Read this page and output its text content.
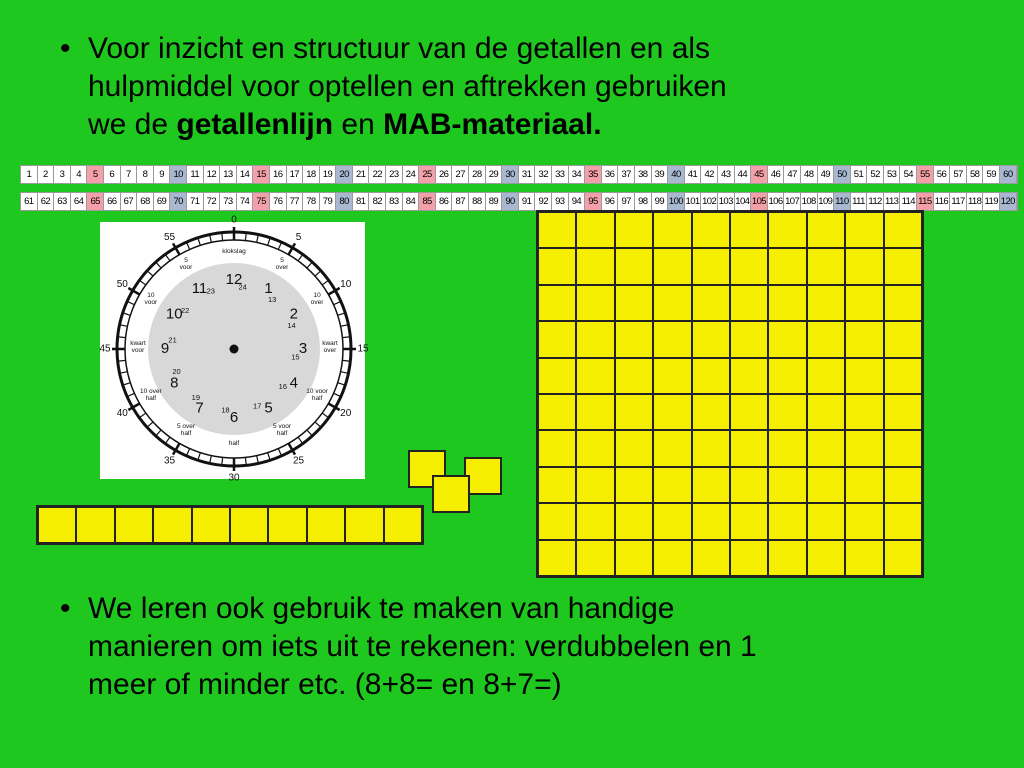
• Voor inzicht en structuur van de getallen en als
hulpmiddel voor optellen en aftrekken gebruiken
we de getallenlijn en MAB-materiaal.
1	2	3	4	5	6	7	8	9	10 11 12 13 14 15 16 17 18 19 20 21 22 23 24 25 26 27 28 29 30 31 32 33 34 35 36 37 38 39 40 41 42 43 44 45 46 47 48 49 50 51 52 53 54 55 56 57 58 59 60
61 62 63 64 65 66 67 68 69 70 71 72 73 74 75 76 77 78 79 80 81 82 83 84 85 86 87 88 89 90 91 92 93 94 95 96 97 98 99 100 101 102 103 104 105 106 107 108 109 110 111 112 113 114 115 116 117 118 119 120
0
5
10
15
20
25
30
35
40
45
50
55
12
1
2
3
4
5
6
7
8
9
10
11	24
13
14
15
16
17
18
19
20
21
22
23
klokslag
5 over
10 over
kwart over
10 voor half
5 voor half
half
5 over half
10 over half
kwart voor
10 voor
5 voor
• We leren ook gebruik te maken van handige
manieren om iets uit te rekenen: verdubbelen en 1
meer of minder etc. (8+8= en 8+7=)
